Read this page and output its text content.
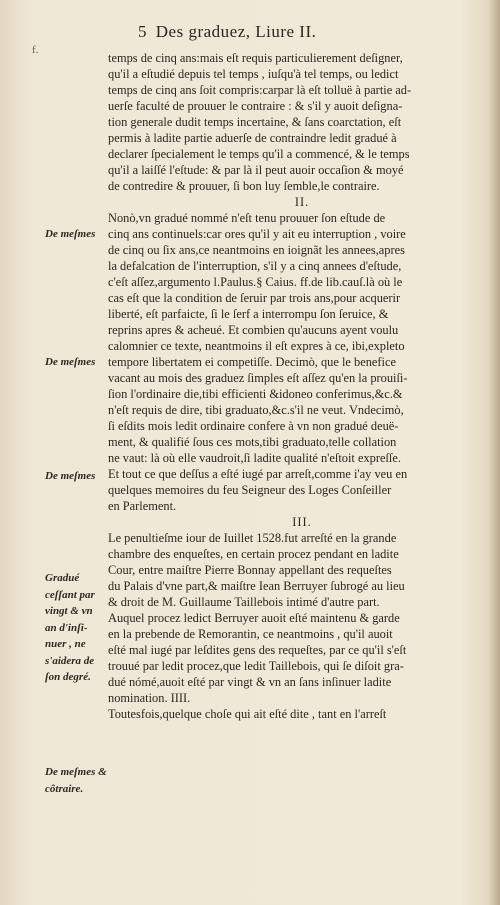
f.
5 Des graduez, Liure II.
temps de cinq ans:mais eſt requis particulierement deſigner,
qu'il a eſtudié depuis tel temps , iuſqu'à tel temps, ou ledict
temps de cinq ans ſoit compris:carpar là eſt tolluë à partie ad-
uerſe faculté de prouuer le contraire : & s'il y auoit deſigna-
tion generale dudit temps incertaine, & ſans coarctation, eſt
permis à ladite partie aduerſe de contraindre ledit gradué à
declarer ſpecialement le temps qu'il a commencé, & le temps
qu'il a laiſſé l'eſtude: & par là il peut auoir occaſion & moyé
de contredire & prouuer, ſi bon luy ſemble,le contraire.
II.
Nonò,vn gradué nommé n'eſt tenu prouuer ſon eſtude de
cinq ans continuels:car ores qu'il y ait eu interruption , voire
de cinq ou ſix ans,ce neantmoins en ioignãt les annees,apres
la defalcation de l'interruption, s'il y a cinq annees d'eſtude,
c'eſt aſſez,argumento l.Paulus.§ Caius. ff.de lib.cauſ.là où le
cas eſt que la condition de ſeruir par trois ans,pour acquerir
liberté, eſt parfaicte, ſi le ſerf a interrompu ſon ſeruice, &
reprins apres & acheué. Et combien qu'aucuns ayent voulu
calomnier ce texte, neantmoins il eſt expres à ce, ibi,expleto
tempore libertatem ei competiſſe. Decimò, que le benefice
vacant au mois des graduez ſimples eſt aſſez qu'en la prouiſi-
ſion l'ordinaire die,tibi efficienti &idoneo conferimus,&c.&
n'eſt requis de dire, tibi graduato,&c.s'il ne veut. Vndecimò,
ſi eſdits mois ledit ordinaire confere à vn non gradué deuë-
ment, & qualifié ſous ces mots,tibi graduato,telle collation
ne vaut: là où elle vaudroit,ſi ladite qualité n'eſtoit expreſſe.
Et tout ce que deſſus a eſté iugé par arreſt,comme i'ay veu en
quelques memoires du feu Seigneur des Loges Conſeiller
en Parlement.
III.
Le penultieſme iour de Iuillet 1528.fut arreſté en la grande
chambre des enqueſtes, en certain procez pendant en ladite
Cour, entre maiſtre Pierre Bonnay appellant des requeſtes
du Palais d'vne part,& maiſtre Iean Berruyer ſubrogé au lieu
& droit de M. Guillaume Taillebois intimé d'autre part.
Auquel procez ledict Berruyer auoit eſté maintenu & garde
en la prebende de Remorantin, ce neantmoins , qu'il auoit
eſté mal iugé par leſdites gens des requeſtes, par ce qu'il s'eſt
trouué par ledit procez,que ledit Taillebois, qui ſe diſoit gra-
dué nómé,auoit eſté par vingt & vn an ſans inſinuer ladite
nomination. IIII.
Toutesfois,quelque choſe qui ait eſté dite , tant en l'arreſt
De meſmes
De meſmes
De meſmes
Gradué ceſſant par vingt & vn an d'inſi- nuer , ne s'aidera de ſon degré.
De meſmes & côtraire.
